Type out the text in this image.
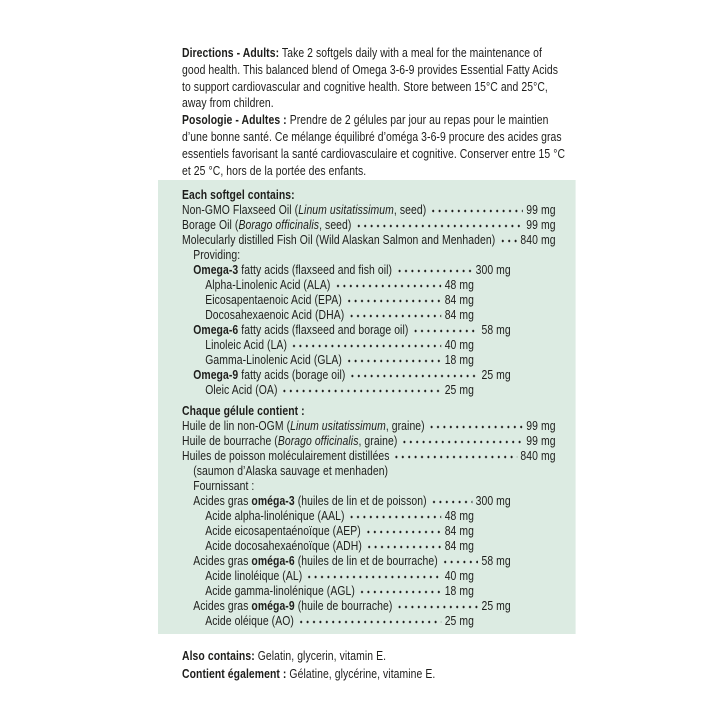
Directions - Adults: Take 2 softgels daily with a meal for the maintenance of good health. This balanced blend of Omega 3-6-9 provides Essential Fatty Acids to support cardiovascular and cognitive health. Store between 15°C and 25°C, away from children.

Posologie - Adultes : Prendre de 2 gélules par jour au repas pour le maintien d’une bonne santé. Ce mélange équilibré d’oméga 3-6-9 procure des acides gras essentiels favorisant la santé cardiovasculaire et cognitive. Conserver entre 15 °C et 25 °C, hors de la portée des enfants.

Each softgel contains:
Non-GMO Flaxseed Oil (Linum usitatissimum, seed)	99 mg
Borage Oil (Borago officinalis, seed)	99 mg
Molecularly distilled Fish Oil (Wild Alaskan Salmon and Menhaden) 840 mg
Providing:
Omega-3 fatty acids (flaxseed and fish oil)	300 mg
Alpha-Linolenic Acid (ALA)	48 mg
Eicosapentaenoic Acid (EPA)	84 mg
Docosahexaenoic Acid (DHA)	84 mg
Omega-6 fatty acids (flaxseed and borage oil)	58 mg
Linoleic Acid (LA)	40 mg
Gamma-Linolenic Acid (GLA)	18 mg
Omega-9 fatty acids (borage oil)	25 mg
Oleic Acid (OA)	25 mg
Chaque gélule contient :
Huile de lin non-OGM (Linum usitatissimum, graine)	99 mg
Huile de bourrache (Borago officinalis, graine)	99 mg
Huiles de poisson moléculairement distillées	840 mg
(saumon d’Alaska sauvage et menhaden)
Fournissant :
Acides gras oméga-3 (huiles de lin et de poisson)	300 mg
Acide alpha-linolénique (AAL)	48 mg
Acide eicosapentaénoïque (AEP)	84 mg
Acide docosahexaénoïque (ADH)	84 mg
Acides gras oméga-6 (huiles de lin et de bourrache)	58 mg
Acide linoléique (AL)	40 mg
Acide gamma-linolénique (AGL)	18 mg
Acides gras oméga-9 (huile de bourrache)	25 mg
Acide oléique (AO)	25 mg

Also contains: Gelatin, glycerin, vitamin E.

Contient également : Gélatine, glycérine, vitamine E.
